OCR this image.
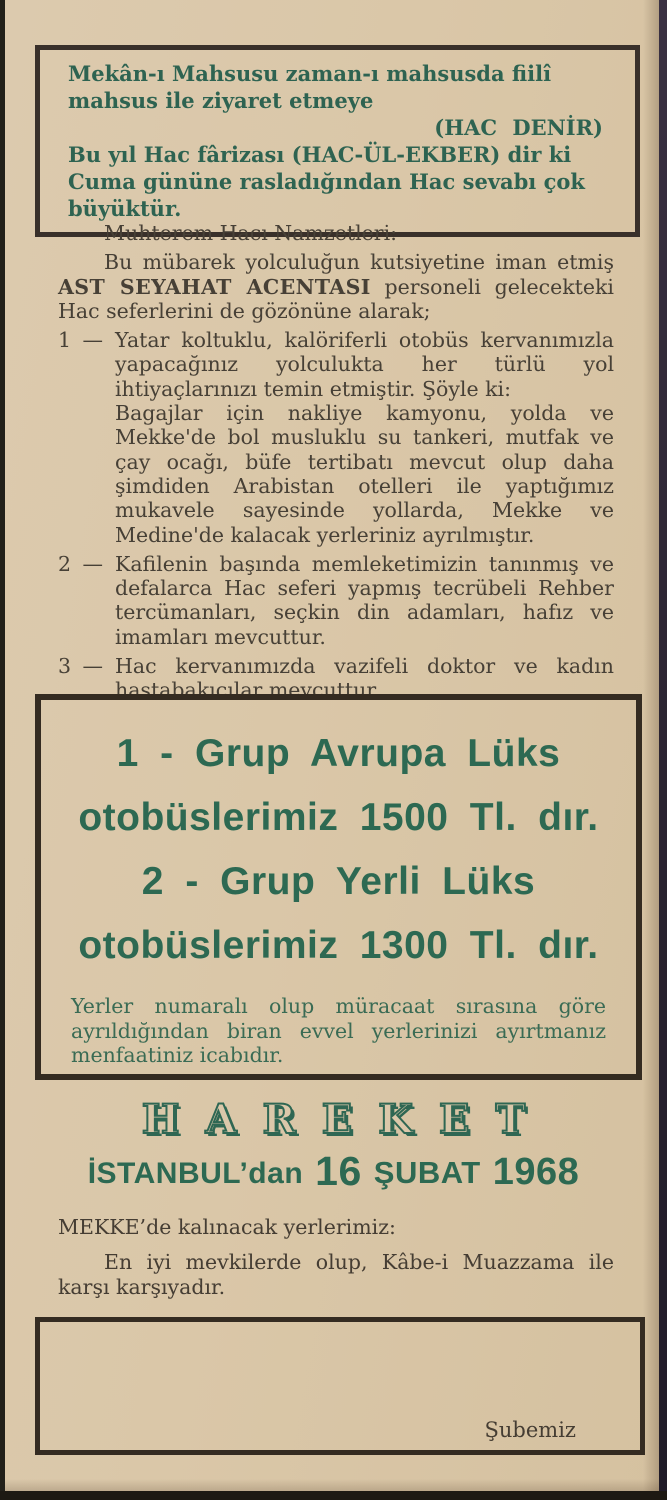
Mekân-ı Mahsusu zaman-ı mahsusda fiilî mahsus ile ziyaret etmeye

(HAC DENİR)

Bu yıl Hac fârizası (HAC-ÜL-EKBER) dir ki Cuma gününe rasladığından Hac sevabı çok büyüktür.

Muhterem Hacı Namzetleri:

Bu mübarek yolculuğun kutsiyetine iman etmiş AST SEYAHAT ACENTASI personeli gelecekteki Hac seferlerini de gözönüne alarak;

1 — Yatar koltuklu, kalöriferli otobüs kervanımızla yapacağınız yolculukta her türlü yol ihtiyaçlarınızı temin etmiştir. Şöyle ki:

Bagajlar için nakliye kamyonu, yolda ve Mekke'de bol musluklu su tankeri, mutfak ve çay ocağı, büfe tertibatı mevcut olup daha şimdiden Arabistan otelleri ile yaptığımız mukavele sayesinde yollarda, Mekke ve Medine'de kalacak yerleriniz ayrılmıştır.

2 — Kafilenin başında memleketimizin tanınmış ve defalarca Hac seferi yapmış tecrübeli Rehber tercümanları, seçkin din adamları, hafız ve imamları mevcuttur.

3 — Hac kervanımızda vazifeli doktor ve kadın hastabakıcılar mevcuttur.

1 - Grup Avrupa Lüks

otobüslerimiz 1500 Tl. dır.

2 - Grup Yerli Lüks

otobüslerimiz 1300 Tl. dır.

Yerler numaralı olup müracaat sırasına göre ayrıldığından biran evvel yerlerinizi ayırtmanız menfaatiniz icabıdır.

HAREKET
İSTANBUL’dan 16 ŞUBAT 1968

MEKKE’de kalınacak yerlerimiz:

En iyi mevkilerde olup, Kâbe-i Muazzama ile karşı karşıyadır.

Şubemiz
